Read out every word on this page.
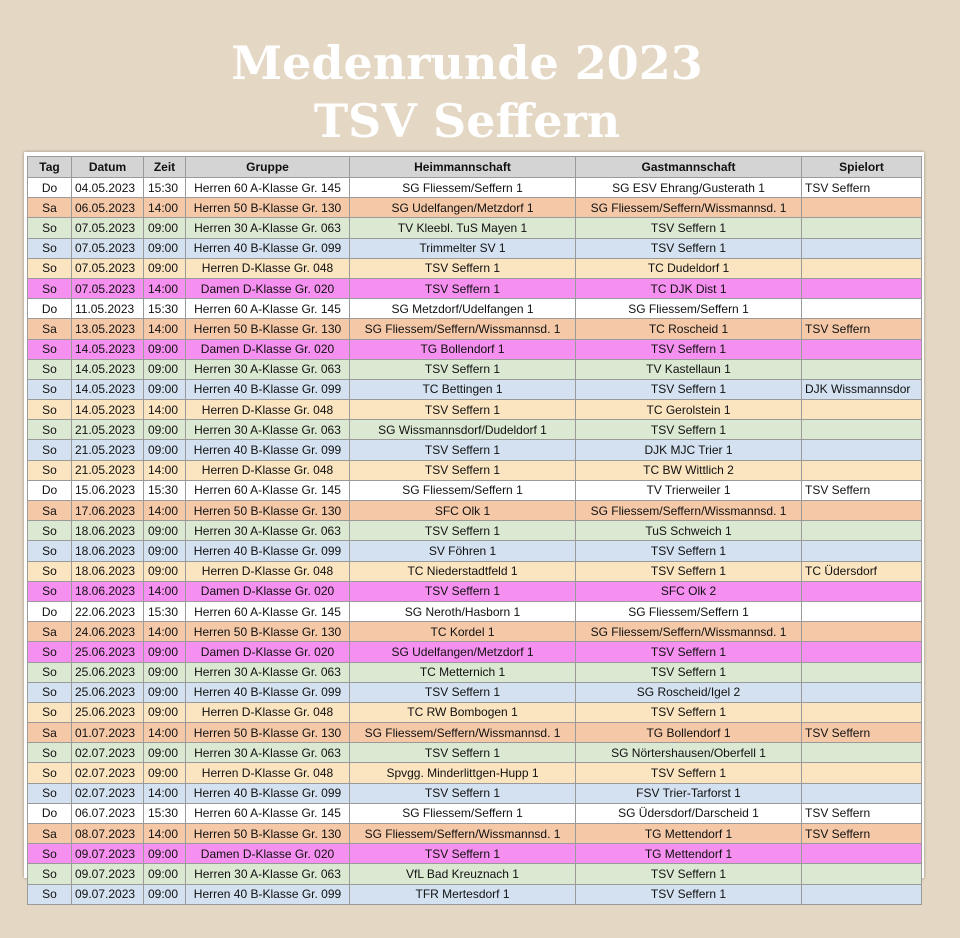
Medenrunde 2023
TSV Seffern
Tag	Datum	Zeit	Gruppe	Heimmannschaft	Gastmannschaft	Spielort
Do	04.05.2023	15:30	Herren 60 A-Klasse Gr. 145	SG Fliessem/Seffern 1	SG ESV Ehrang/Gusterath 1	TSV Seffern
Sa	06.05.2023	14:00	Herren 50 B-Klasse Gr. 130	SG Udelfangen/Metzdorf 1	SG Fliessem/Seffern/Wissmannsd. 1	
So	07.05.2023	09:00	Herren 30 A-Klasse Gr. 063	TV Kleebl. TuS Mayen 1	TSV Seffern 1	
So	07.05.2023	09:00	Herren 40 B-Klasse Gr. 099	Trimmelter SV 1	TSV Seffern 1	
So	07.05.2023	09:00	Herren D-Klasse Gr. 048	TSV Seffern 1	TC Dudeldorf 1	
So	07.05.2023	14:00	Damen D-Klasse Gr. 020	TSV Seffern 1	TC DJK Dist 1	
Do	11.05.2023	15:30	Herren 60 A-Klasse Gr. 145	SG Metzdorf/Udelfangen 1	SG Fliessem/Seffern 1	
Sa	13.05.2023	14:00	Herren 50 B-Klasse Gr. 130	SG Fliessem/Seffern/Wissmannsd. 1	TC Roscheid 1	TSV Seffern
So	14.05.2023	09:00	Damen D-Klasse Gr. 020	TG Bollendorf 1	TSV Seffern 1	
So	14.05.2023	09:00	Herren 30 A-Klasse Gr. 063	TSV Seffern 1	TV Kastellaun 1	
So	14.05.2023	09:00	Herren 40 B-Klasse Gr. 099	TC Bettingen 1	TSV Seffern 1	DJK Wissmannsdor
So	14.05.2023	14:00	Herren D-Klasse Gr. 048	TSV Seffern 1	TC Gerolstein 1	
So	21.05.2023	09:00	Herren 30 A-Klasse Gr. 063	SG Wissmannsdorf/Dudeldorf 1	TSV Seffern 1	
So	21.05.2023	09:00	Herren 40 B-Klasse Gr. 099	TSV Seffern 1	DJK MJC Trier 1	
So	21.05.2023	14:00	Herren D-Klasse Gr. 048	TSV Seffern 1	TC BW Wittlich 2	
Do	15.06.2023	15:30	Herren 60 A-Klasse Gr. 145	SG Fliessem/Seffern 1	TV Trierweiler 1	TSV Seffern
Sa	17.06.2023	14:00	Herren 50 B-Klasse Gr. 130	SFC Olk 1	SG Fliessem/Seffern/Wissmannsd. 1	
So	18.06.2023	09:00	Herren 30 A-Klasse Gr. 063	TSV Seffern 1	TuS Schweich 1	
So	18.06.2023	09:00	Herren 40 B-Klasse Gr. 099	SV Föhren 1	TSV Seffern 1	
So	18.06.2023	09:00	Herren D-Klasse Gr. 048	TC Niederstadtfeld 1	TSV Seffern 1	TC Üdersdorf
So	18.06.2023	14:00	Damen D-Klasse Gr. 020	TSV Seffern 1	SFC Olk 2	
Do	22.06.2023	15:30	Herren 60 A-Klasse Gr. 145	SG Neroth/Hasborn 1	SG Fliessem/Seffern 1	
Sa	24.06.2023	14:00	Herren 50 B-Klasse Gr. 130	TC Kordel 1	SG Fliessem/Seffern/Wissmannsd. 1	
So	25.06.2023	09:00	Damen D-Klasse Gr. 020	SG Udelfangen/Metzdorf 1	TSV Seffern 1	
So	25.06.2023	09:00	Herren 30 A-Klasse Gr. 063	TC Metternich 1	TSV Seffern 1	
So	25.06.2023	09:00	Herren 40 B-Klasse Gr. 099	TSV Seffern 1	SG Roscheid/Igel 2	
So	25.06.2023	09:00	Herren D-Klasse Gr. 048	TC RW Bombogen 1	TSV Seffern 1	
Sa	01.07.2023	14:00	Herren 50 B-Klasse Gr. 130	SG Fliessem/Seffern/Wissmannsd. 1	TG Bollendorf 1	TSV Seffern
So	02.07.2023	09:00	Herren 30 A-Klasse Gr. 063	TSV Seffern 1	SG Nörtershausen/Oberfell 1	
So	02.07.2023	09:00	Herren D-Klasse Gr. 048	Spvgg. Minderlittgen-Hupp 1	TSV Seffern 1	
So	02.07.2023	14:00	Herren 40 B-Klasse Gr. 099	TSV Seffern 1	FSV Trier-Tarforst 1	
Do	06.07.2023	15:30	Herren 60 A-Klasse Gr. 145	SG Fliessem/Seffern 1	SG Üdersdorf/Darscheid 1	TSV Seffern
Sa	08.07.2023	14:00	Herren 50 B-Klasse Gr. 130	SG Fliessem/Seffern/Wissmannsd. 1	TG Mettendorf 1	TSV Seffern
So	09.07.2023	09:00	Damen D-Klasse Gr. 020	TSV Seffern 1	TG Mettendorf 1	
So	09.07.2023	09:00	Herren 30 A-Klasse Gr. 063	VfL Bad Kreuznach 1	TSV Seffern 1	
So	09.07.2023	09:00	Herren 40 B-Klasse Gr. 099	TFR Mertesdorf 1	TSV Seffern 1	
